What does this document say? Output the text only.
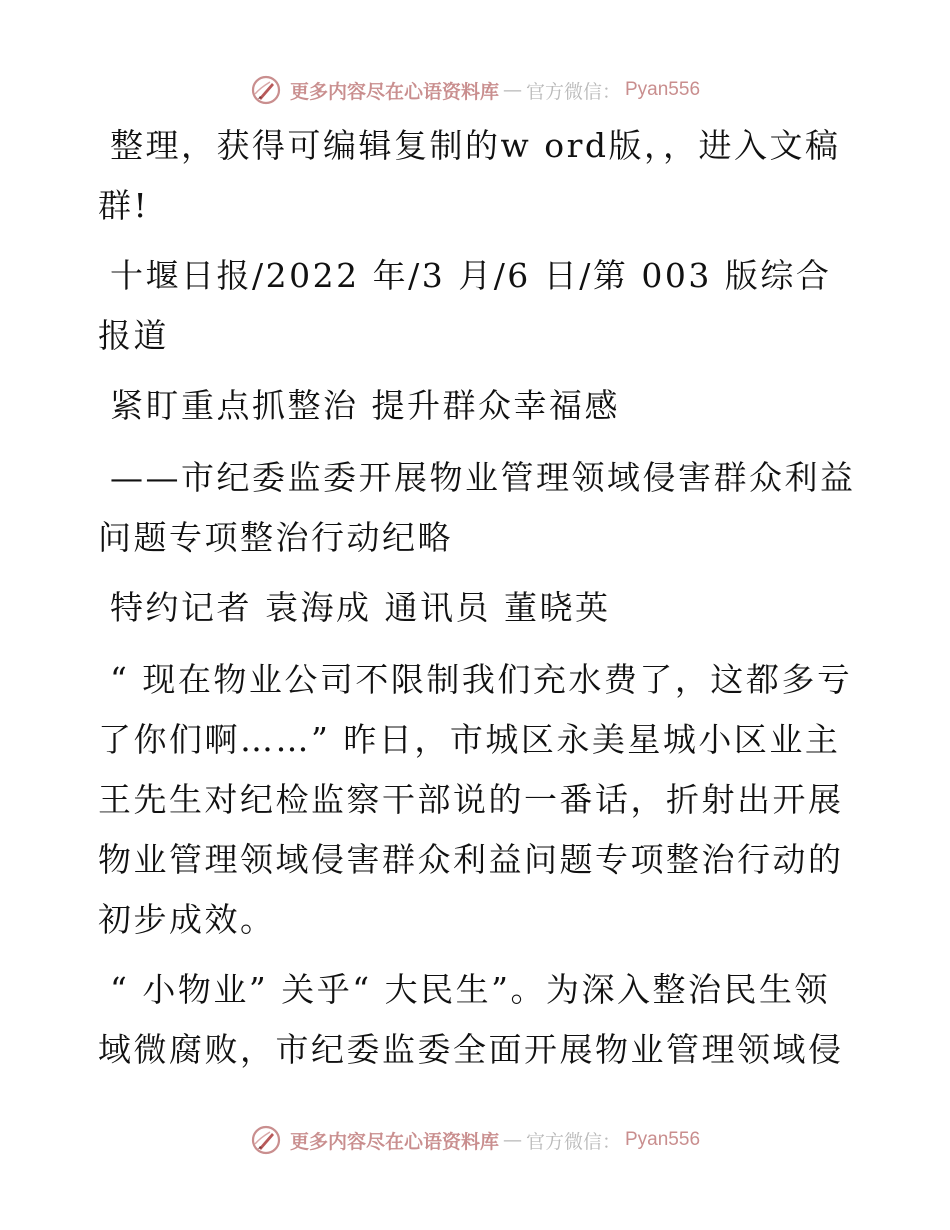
更多内容尽在心语资料库 — 官方微信： Pyan556

整理，获得可编辑复制的w ord版，，进入文稿群!

十堰日报/2022 年/3 月/6 日/第 003 版综合报道

紧盯重点抓整治 提升群众幸福感

——市纪委监委开展物业管理领域侵害群众利益问题专项整治行动纪略

特约记者 袁海成 通讯员 董晓英

“ 现在物业公司不限制我们充水费了，这都多亏了你们啊……” 昨日，市城区永美星城小区业主王先生对纪检监察干部说的一番话，折射出开展物业管理领域侵害群众利益问题专项整治行动的初步成效。

“ 小物业” 关乎“ 大民生”。为深入整治民生领域微腐败，市纪委监委全面开展物业管理领域侵

更多内容尽在心语资料库 — 官方微信： Pyan556
